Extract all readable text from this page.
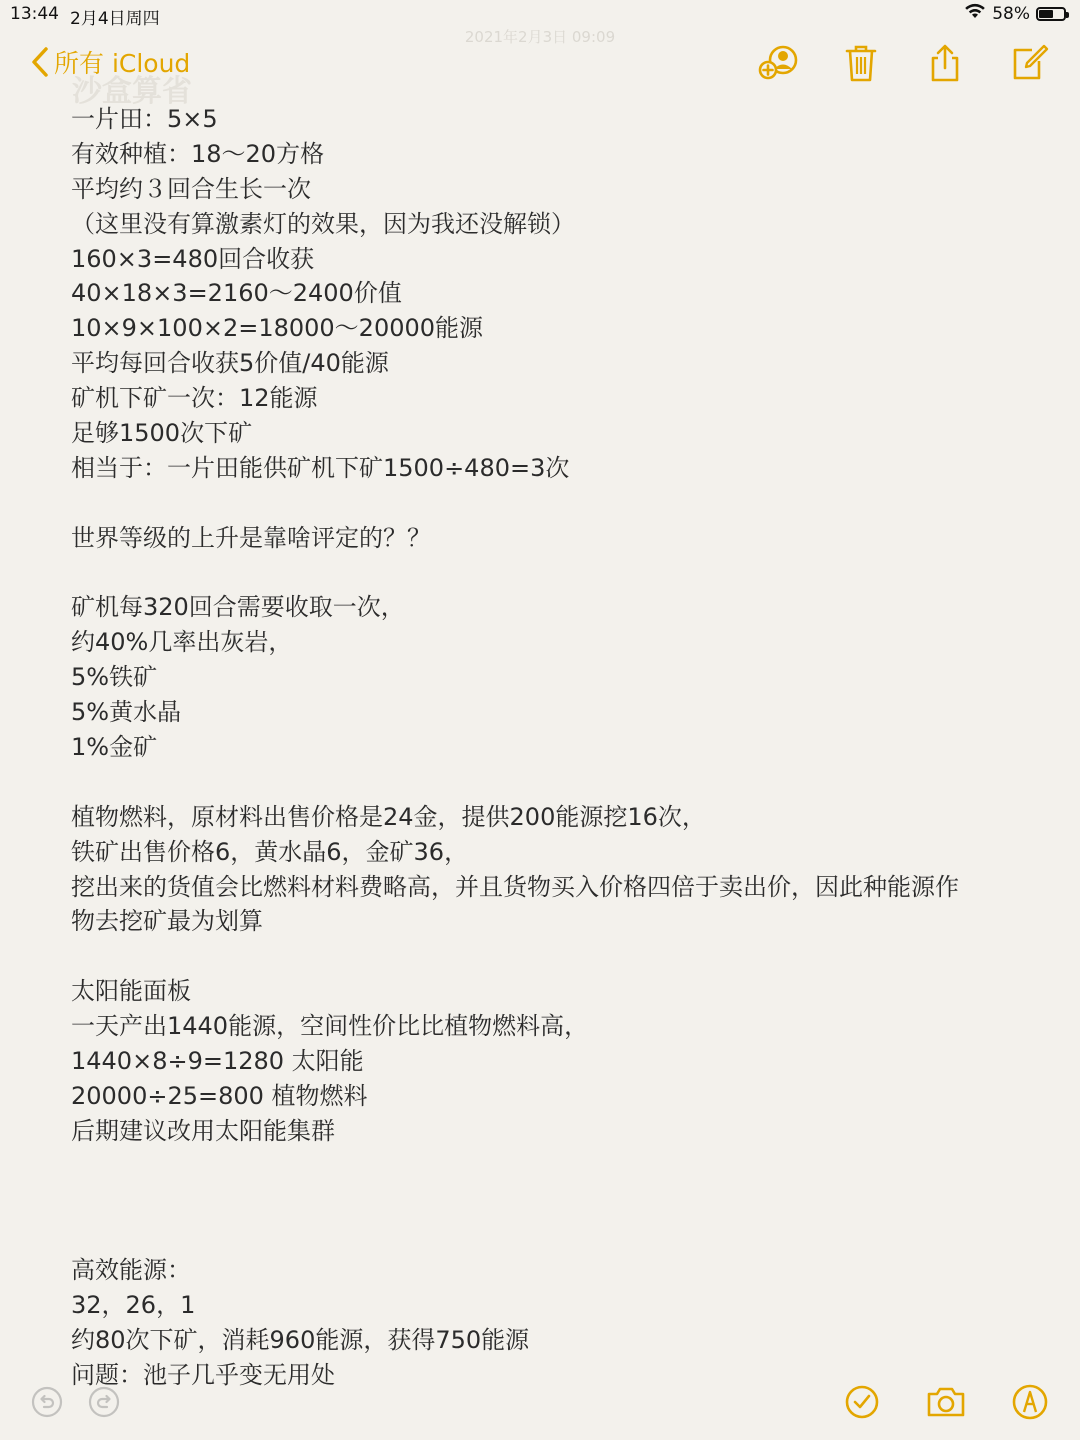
13:44 2月4日周四	58%
2021年2月3日 09:09
沙盒算省
所有 iCloud
一片田：5×5
有效种植：18～20方格
平均约３回合生长一次
（这里没有算激素灯的效果，因为我还没解锁）
160×3=480回合收获
40×18×3=2160～2400价值
10×9×100×2=18000～20000能源
平均每回合收获5价值/40能源
矿机下矿一次：12能源
足够1500次下矿
相当于：一片田能供矿机下矿1500÷480=3次
世界等级的上升是靠啥评定的？？
矿机每320回合需要收取一次，
约40%几率出灰岩，
5%铁矿
5%黄水晶
1%金矿
植物燃料，原材料出售价格是24金，提供200能源挖16次，
铁矿出售价格6，黄水晶6，金矿36，
挖出来的货值会比燃料材料费略高，并且货物买入价格四倍于卖出价，因此种能源作
物去挖矿最为划算
太阳能面板
一天产出1440能源，空间性价比比植物燃料高，
1440×8÷9=1280 太阳能
20000÷25=800 植物燃料
后期建议改用太阳能集群
高效能源：
32，26，1
约80次下矿，消耗960能源，获得750能源
问题：池子几乎变无用处
